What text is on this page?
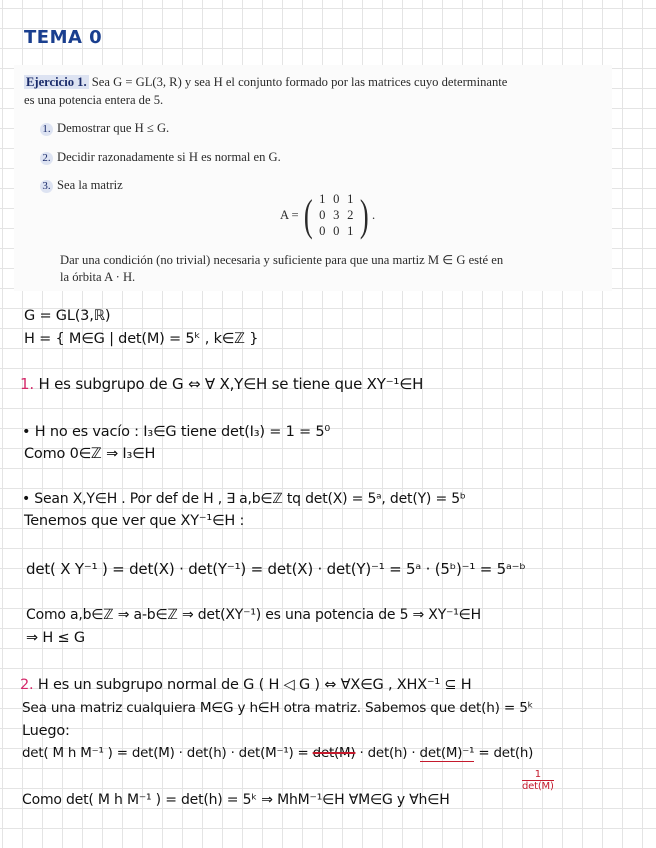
TEMA 0
Ejercicio 1. Sea G = GL(3, R) y sea H el conjunto formado por las matrices cuyo determinante
es una potencia entera de 5.
1. Demostrar que H ≤ G.
2. Decidir razonadamente si H es normal en G.
3. Sea la matriz
A = ( 1 0 1
0 3 2
0 0 1 ) .
Dar una condición (no trivial) necesaria y suficiente para que una martiz M ∈ G esté en
la órbita A · H.
G = GL(3,ℝ)
H = { M∈G | det(M) = 5ᵏ , k∈ℤ }
1. H es subgrupo de G ⇔ ∀ X,Y∈H se tiene que XY⁻¹∈H
• H no es vacío : I₃∈G tiene det(I₃) = 1 = 5⁰
Como 0∈ℤ ⇒ I₃∈H
• Sean X,Y∈H . Por def de H , ∃ a,b∈ℤ tq det(X) = 5ᵃ, det(Y) = 5ᵇ
Tenemos que ver que XY⁻¹∈H :
det( X Y⁻¹ ) = det(X) · det(Y⁻¹) = det(X) · det(Y)⁻¹ = 5ᵃ · (5ᵇ)⁻¹ = 5ᵃ⁻ᵇ
Como a,b∈ℤ ⇒ a-b∈ℤ ⇒ det(XY⁻¹) es una potencia de 5 ⇒ XY⁻¹∈H
⇒ H ≤ G
2. H es un subgrupo normal de G ( H ◁ G ) ⇔ ∀X∈G , XHX⁻¹ ⊆ H
Sea una matriz cualquiera M∈G y h∈H otra matriz. Sabemos que det(h) = 5ᵏ
Luego:
det( M h M⁻¹ ) = det(M) · det(h) · det(M⁻¹) = det(M) · det(h) · det(M)⁻¹ = det(h)
1
det(M)
Como det( M h M⁻¹ ) = det(h) = 5ᵏ ⇒ MhM⁻¹∈H ∀M∈G y ∀h∈H
